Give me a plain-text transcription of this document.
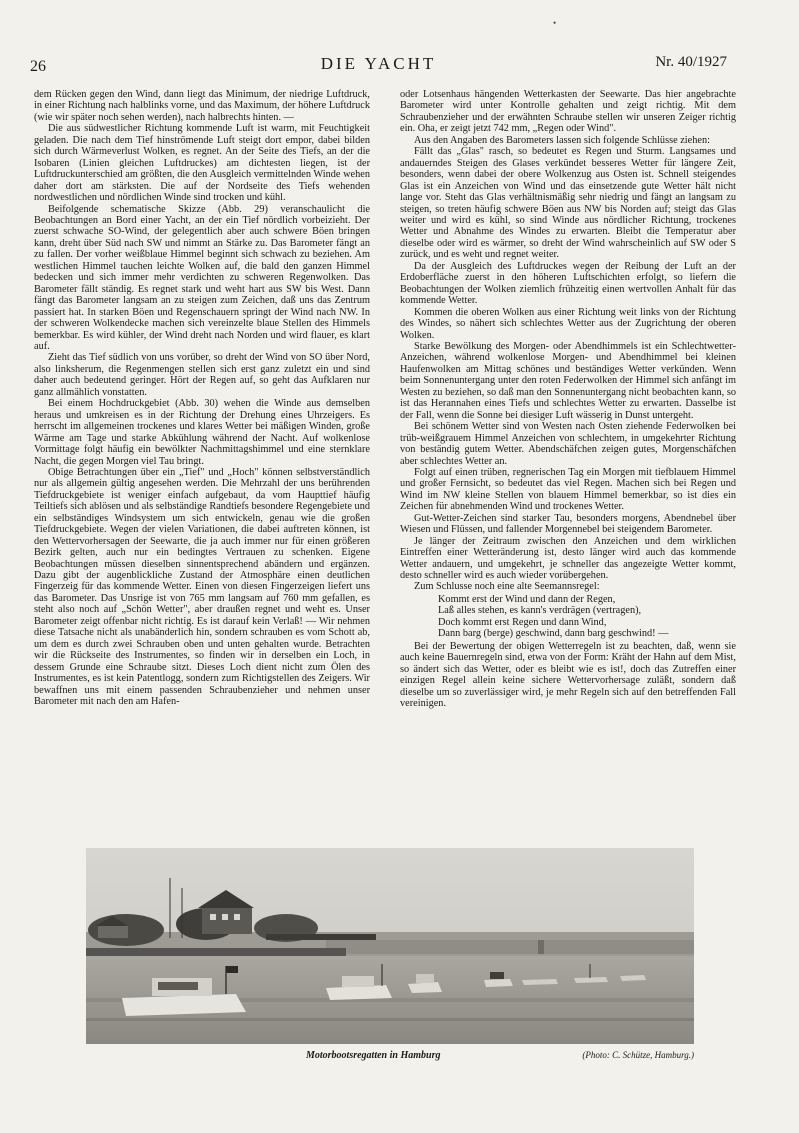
•
26	DIE YACHT	Nr. 40/1927

dem Rücken gegen den Wind, dann liegt das Minimum, der niedrige Luftdruck, in einer Richtung nach halblinks vorne, und das Maximum, der höhere Luftdruck (wie wir später noch sehen werden), nach halbrechts hinten. —

Die aus südwestlicher Richtung kommende Luft ist warm, mit Feuchtigkeit geladen. Die nach dem Tief hinströmende Luft steigt dort empor, dabei bilden sich durch Wärmeverlust Wolken, es regnet. An der Seite des Tiefs, an der die Isobaren (Linien gleichen Luftdruckes) am dichtesten liegen, ist der Luftdruckunterschied am größten, die den Ausgleich vermittelnden Winde wehen daher dort am stärksten. Die auf der Nordseite des Tiefs wehenden nordwestlichen und nördlichen Winde sind trocken und kühl.

Beifolgende schematische Skizze (Abb. 29) veranschaulicht die Beobachtungen an Bord einer Yacht, an der ein Tief nördlich vorbeizieht. Der zuerst schwache SO-Wind, der gelegentlich aber auch schwere Böen bringen kann, dreht über Süd nach SW und nimmt an Stärke zu. Das Barometer fängt an zu fallen. Der vorher weißblaue Himmel beginnt sich schwach zu beziehen. Am westlichen Himmel tauchen leichte Wolken auf, die bald den ganzen Himmel bedecken und sich immer mehr verdichten zu schweren Regenwolken. Das Barometer fällt ständig. Es regnet stark und weht hart aus SW bis West. Dann fängt das Barometer langsam an zu steigen zum Zeichen, daß uns das Zentrum passiert hat. In starken Böen und Regenschauern springt der Wind nach NW. In der schweren Wolkendecke machen sich vereinzelte blaue Stellen des Himmels bemerkbar. Es wird kühler, der Wind dreht nach Norden und wird flauer, es klart auf.

Zieht das Tief südlich von uns vorüber, so dreht der Wind von SO über Nord, also linksherum, die Regenmengen stellen sich erst ganz zuletzt ein und sind daher auch bedeutend geringer. Hört der Regen auf, so geht das Aufklaren nur ganz allmählich vonstatten.

Bei einem Hochdruckgebiet (Abb. 30) wehen die Winde aus demselben heraus und umkreisen es in der Richtung der Drehung eines Uhrzeigers. Es herrscht im allgemeinen trockenes und klares Wetter bei mäßigen Winden, große Wärme am Tage und starke Abkühlung während der Nacht. Auf wolkenlose Vormittage folgt häufig ein bewölkter Nachmittagshimmel und eine sternklare Nacht, die gegen Morgen viel Tau bringt.

Obige Betrachtungen über ein „Tief" und „Hoch" können selbstverständlich nur als allgemein gültig angesehen werden. Die Mehrzahl der uns berührenden Tiefdruckgebiete ist weniger einfach aufgebaut, da vom Haupttief häufig Teiltiefs sich ablösen und als selbständige Randtiefs besondere Regengebiete und ein selbständiges Windsystem um sich entwickeln, genau wie die großen Tiefdruckgebiete. Wegen der vielen Variationen, die dabei auftreten können, ist den Wettervorhersagen der Seewarte, die ja auch immer nur für einen größeren Bezirk gelten, auch nur ein bedingtes Vertrauen zu schenken. Eigene Beobachtungen müssen dieselben sinnentsprechend abändern und ergänzen. Dazu gibt der augenblickliche Zustand der Atmosphäre einen deutlichen Fingerzeig für das kommende Wetter. Einen von diesen Fingerzeigen liefert uns das Barometer. Das Unsrige ist von 765 mm langsam auf 760 mm gefallen, es steht also noch auf „Schön Wetter", aber draußen regnet und weht es. Unser Barometer zeigt offenbar nicht richtig. Es ist darauf kein Verlaß! — Wir nehmen diese Tatsache nicht als unabänderlich hin, sondern schrauben es vom Schott ab, um dem es durch zwei Schrauben oben und unten gehalten wurde. Betrachten wir die Rückseite des Instrumentes, so finden wir in derselben ein Loch, in dessem Grunde eine Schraube sitzt. Dieses Loch dient nicht zum Ölen des Instrumentes, es ist kein Patentlogg, sondern zum Richtigstellen des Zeigers. Wir bewaffnen uns mit einem passenden Schraubenzieher und nehmen unser Barometer mit nach den am Hafen-

oder Lotsenhaus hängenden Wetterkasten der Seewarte. Das hier angebrachte Barometer wird unter Kontrolle gehalten und zeigt richtig. Mit dem Schraubenzieher und der erwähnten Schraube stellen wir unseren Zeiger richtig ein. Oha, er zeigt jetzt 742 mm, „Regen oder Wind".

Aus den Angaben des Barometers lassen sich folgende Schlüsse ziehen:

Fällt das „Glas" rasch, so bedeutet es Regen und Sturm. Langsames und andauerndes Steigen des Glases verkündet besseres Wetter für längere Zeit, besonders, wenn dabei der obere Wolkenzug aus Osten ist. Schnell steigendes Glas ist ein Anzeichen von Wind und das einsetzende gute Wetter hält nicht lange vor. Steht das Glas verhältnismäßig sehr niedrig und fängt an langsam zu steigen, so treten häufig schwere Böen aus NW bis Norden auf; steigt das Glas weiter und wird es kühl, so sind Winde aus nördlicher Richtung, trockenes Wetter und Abnahme des Windes zu erwarten. Bleibt die Temperatur aber dieselbe oder wird es wärmer, so dreht der Wind wahrscheinlich auf SW oder S zurück, und es weht und regnet weiter.

Da der Ausgleich des Luftdruckes wegen der Reibung der Luft an der Erdoberfläche zuerst in den höheren Luftschichten erfolgt, so liefern die Beobachtungen der Wolken ziemlich frühzeitig einen wertvollen Anhalt für das kommende Wetter.

Kommen die oberen Wolken aus einer Richtung weit links von der Richtung des Windes, so nähert sich schlechtes Wetter aus der Zugrichtung der oberen Wolken.

Starke Bewölkung des Morgen- oder Abendhimmels ist ein Schlechtwetter-Anzeichen, während wolkenlose Morgen- und Abendhimmel bei kleinen Haufenwolken am Mittag schönes und beständiges Wetter verkünden. Wenn beim Sonnenuntergang unter den roten Federwolken der Himmel sich anfängt im Westen zu beziehen, so daß man den Sonnenuntergang nicht beobachten kann, so ist das Herannahen eines Tiefs und schlechtes Wetter zu erwarten. Dasselbe ist der Fall, wenn die Sonne bei diesiger Luft wässerig in Dunst untergeht.

Bei schönem Wetter sind von Westen nach Osten ziehende Federwolken bei trüb-weißgrauem Himmel Anzeichen von schlechtem, in umgekehrter Richtung von beständig gutem Wetter. Abendschäfchen zeigen gutes, Morgenschäfchen aber schlechtes Wetter an.

Folgt auf einen trüben, regnerischen Tag ein Morgen mit tiefblauem Himmel und großer Fernsicht, so bedeutet das viel Regen. Machen sich bei Regen und Wind im NW kleine Stellen von blauem Himmel bemerkbar, so ist dies ein Zeichen für abnehmenden Wind und trockenes Wetter.

Gut-Wetter-Zeichen sind starker Tau, besonders morgens, Abendnebel über Wiesen und Flüssen, und fallender Morgennebel bei steigendem Barometer.

Je länger der Zeitraum zwischen den Anzeichen und dem wirklichen Eintreffen einer Wetteränderung ist, desto länger wird auch das kommende Wetter andauern, und umgekehrt, je schneller das angezeigte Wetter kommt, desto schneller wird es auch wieder vorübergehen.

Zum Schlusse noch eine alte Seemannsregel:

Kommt erst der Wind und dann der Regen,
Laß alles stehen, es kann's verdrägen (vertragen),
Doch kommt erst Regen und dann Wind,
Dann barg (berge) geschwind, dann barg geschwind! —

Bei der Bewertung der obigen Wetterregeln ist zu beachten, daß, wenn sie auch keine Bauernregeln sind, etwa von der Form: Kräht der Hahn auf dem Mist, so ändert sich das Wetter, oder es bleibt wie es ist!, doch das Zutreffen einer einzigen Regel allein keine sichere Wettervorhersage zuläßt, sondern daß dieselbe um so zuverlässiger wird, je mehr Regeln sich auf den betreffenden Fall vereinigen.

Motorbootsregatten in Hamburg	(Photo: C. Schütze, Hamburg.)
